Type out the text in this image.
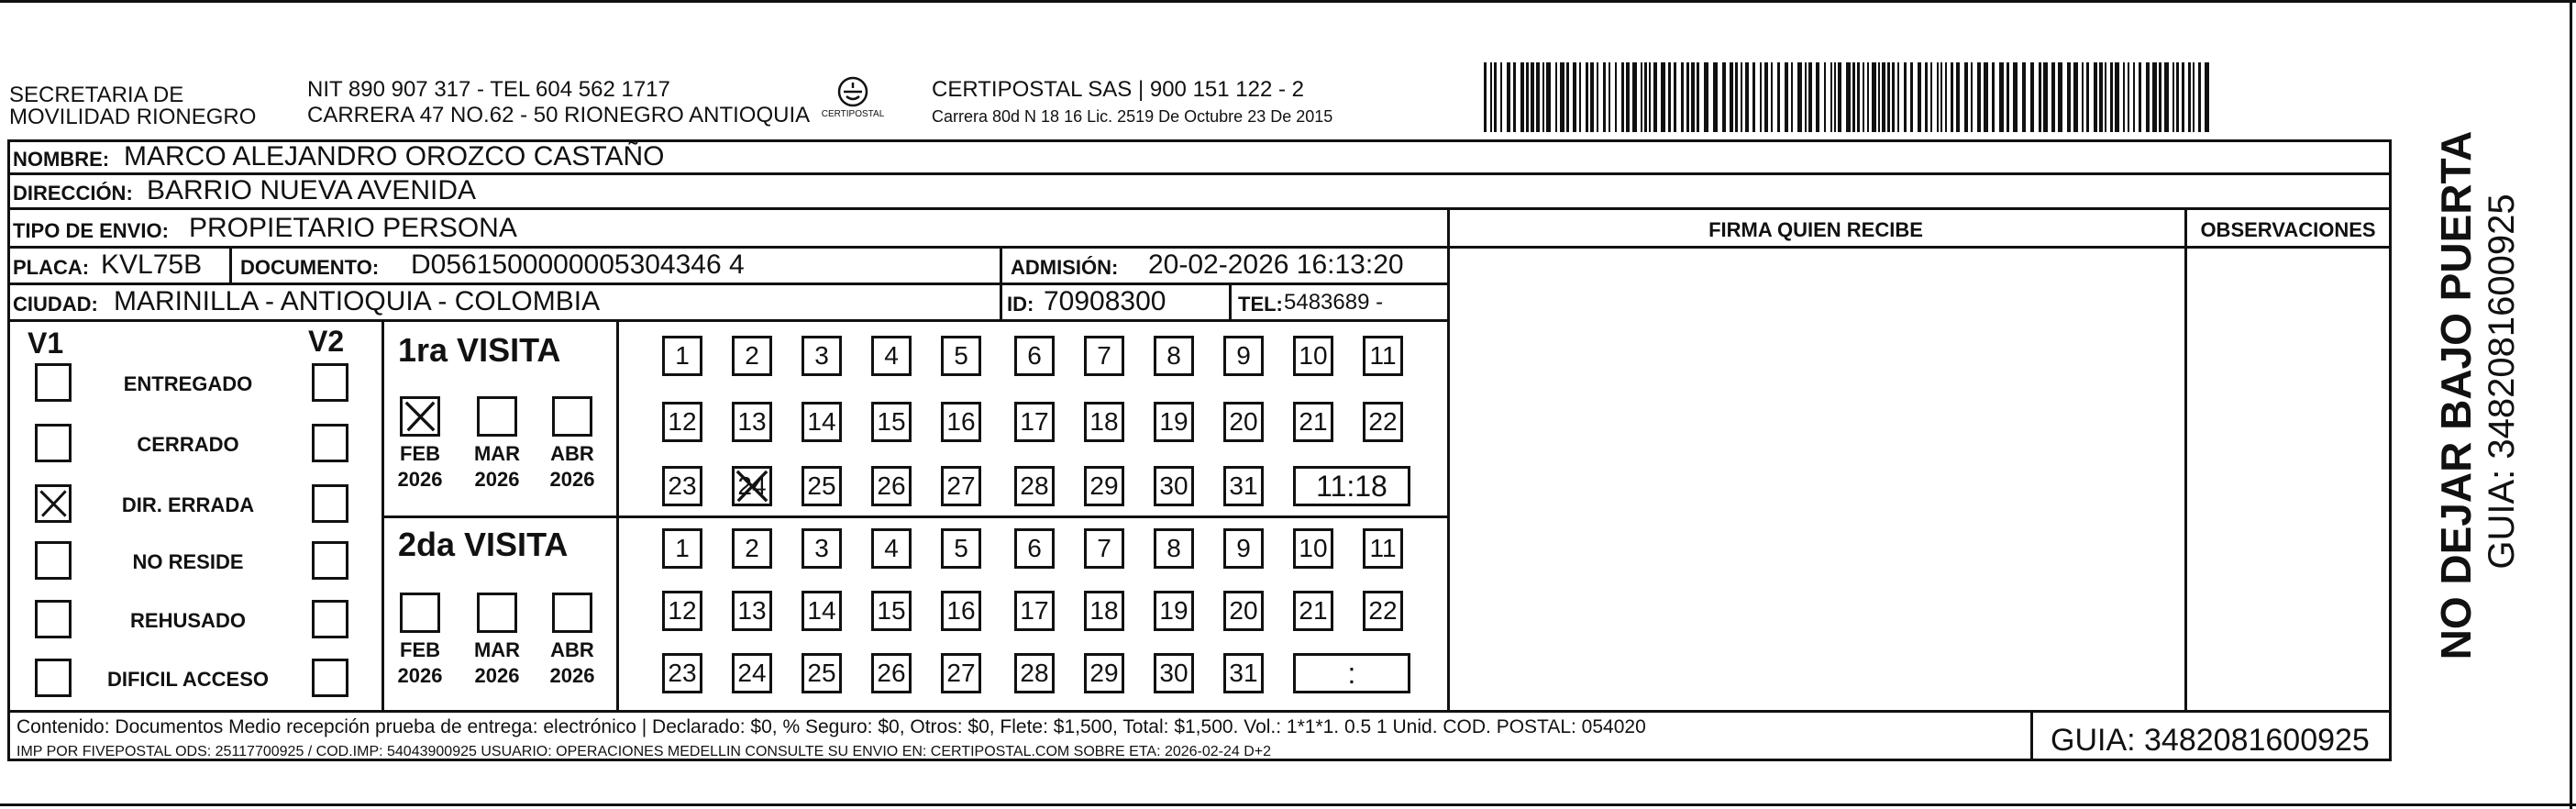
SECRETARIA DE
MOVILIDAD RIONEGRO
NIT 890 907 317 - TEL 604 562 1717
CARRERA 47 NO.62 - 50 RIONEGRO ANTIOQUIA	CERTIPOSTAL
CERTIPOSTAL SAS | 900 151 122 - 2
Carrera 80d N 18 16 Lic. 2519 De Octubre 23 De 2015
NOMBRE: MARCO ALEJANDRO OROZCO CASTAÑO
DIRECCIÓN: BARRIO NUEVA AVENIDA
TIPO DE ENVIO: PROPIETARIO PERSONA	FIRMA QUIEN RECIBE	OBSERVACIONES
PLACA: KVL75B DOCUMENTO: D0561500000005304346 4	ADMISIÓN: 20-02-2026 16:13:20
CIUDAD: MARINILLA - ANTIOQUIA - COLOMBIA	ID: 70908300	TEL: 5483689 -
V1	V2 1ra VISITA
2da VISITA
Contenido: Documentos Medio recepción prueba de entrega: electrónico | Declarado: $0, % Seguro: $0, Otros: $0, Flete: $1,500, Total: $1,500. Vol.: 1*1*1. 0.5 1 Unid. COD. POSTAL: 054020
IMP POR FIVEPOSTAL ODS: 25117700925 / COD.IMP: 54043900925 USUARIO: OPERACIONES MEDELLIN CONSULTE SU ENVIO EN: CERTIPOSTAL.COM SOBRE ETA: 2026-02-24 D+2	GUIA: 3482081600925
NO DEJAR BAJO PUERTA GUIA: 3482081600925
ENTREGADO
CERRADO
DIR. ERRADA
NO RESIDE
REHUSADO
DIFICIL ACCESO
FEB
2026
MAR
2026
ABR
2026
FEB
2026
MAR
2026
ABR
2026
1	2	3	4	5	6	7	8	9	10 11
12 13 14 15 16 17 18 19 20 21 22
23 24 25 26 27 28 29 30 31	11:18
1	2	3	4	5	6	7	8	9	10 11
12 13 14 15 16 17 18 19 20 21 22
23 24 25 26 27 28 29 30 31	:
